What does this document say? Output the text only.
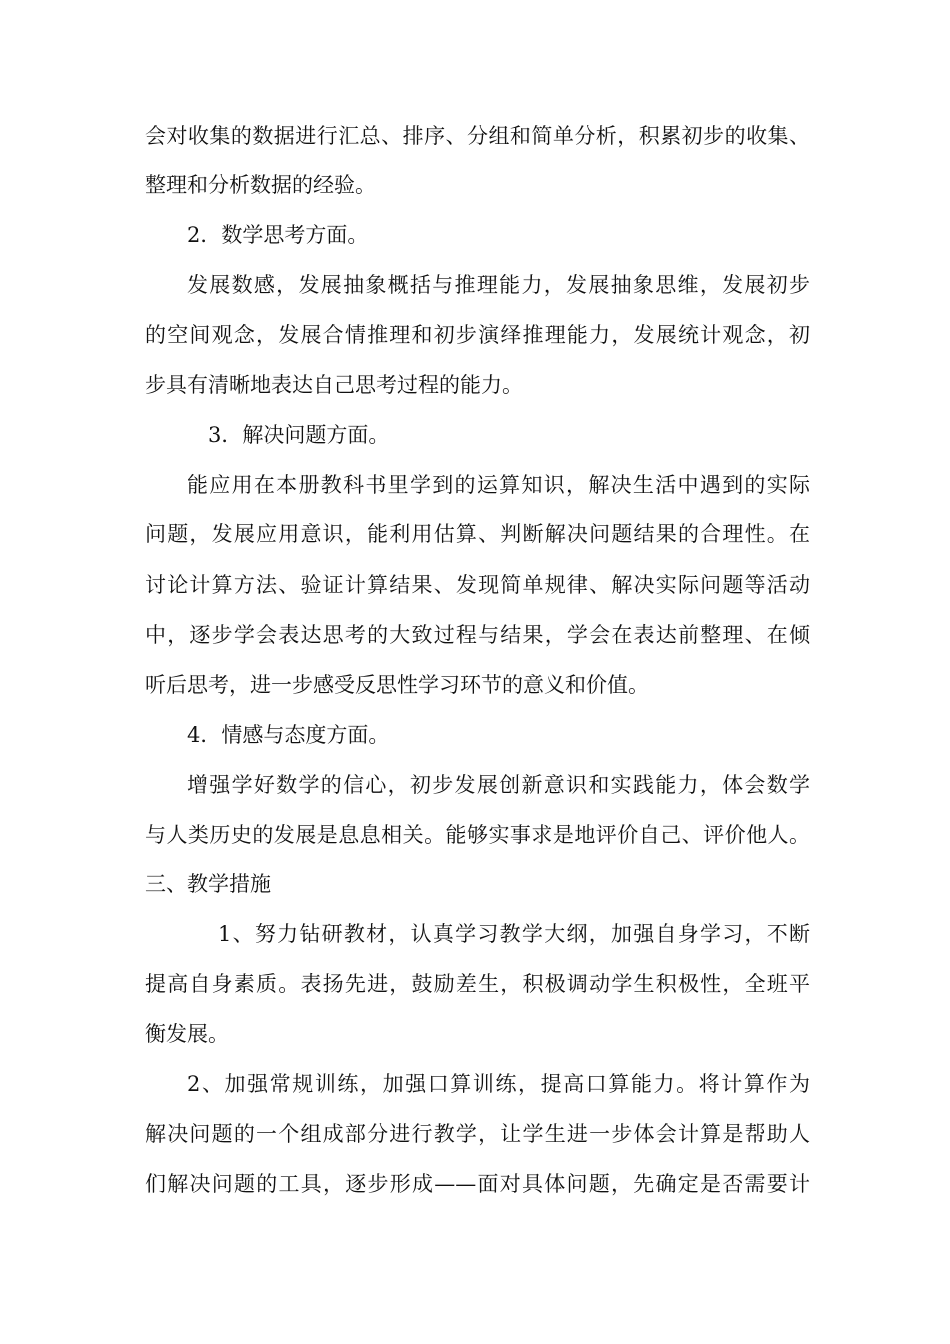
会对收集的数据进行汇总、排序、分组和简单分析，积累初步的收集、
整理和分析数据的经验。
2．数学思考方面。
发展数感，发展抽象概括与推理能力，发展抽象思维，发展初步
的空间观念，发展合情推理和初步演绎推理能力，发展统计观念，初
步具有清晰地表达自己思考过程的能力。
3．解决问题方面。
能应用在本册教科书里学到的运算知识，解决生活中遇到的实际
问题，发展应用意识，能利用估算、判断解决问题结果的合理性。在
讨论计算方法、验证计算结果、发现简单规律、解决实际问题等活动
中，逐步学会表达思考的大致过程与结果，学会在表达前整理、在倾
听后思考，进一步感受反思性学习环节的意义和价值。
4．情感与态度方面。
增强学好数学的信心，初步发展创新意识和实践能力，体会数学
与人类历史的发展是息息相关。能够实事求是地评价自己、评价他人。
三、教学措施
1、努力钻研教材，认真学习教学大纲，加强自身学习，不断
提高自身素质。表扬先进，鼓励差生，积极调动学生积极性，全班平
衡发展。
2、加强常规训练，加强口算训练，提高口算能力。将计算作为
解决问题的一个组成部分进行教学，让学生进一步体会计算是帮助人
们解决问题的工具，逐步形成——面对具体问题，先确定是否需要计
